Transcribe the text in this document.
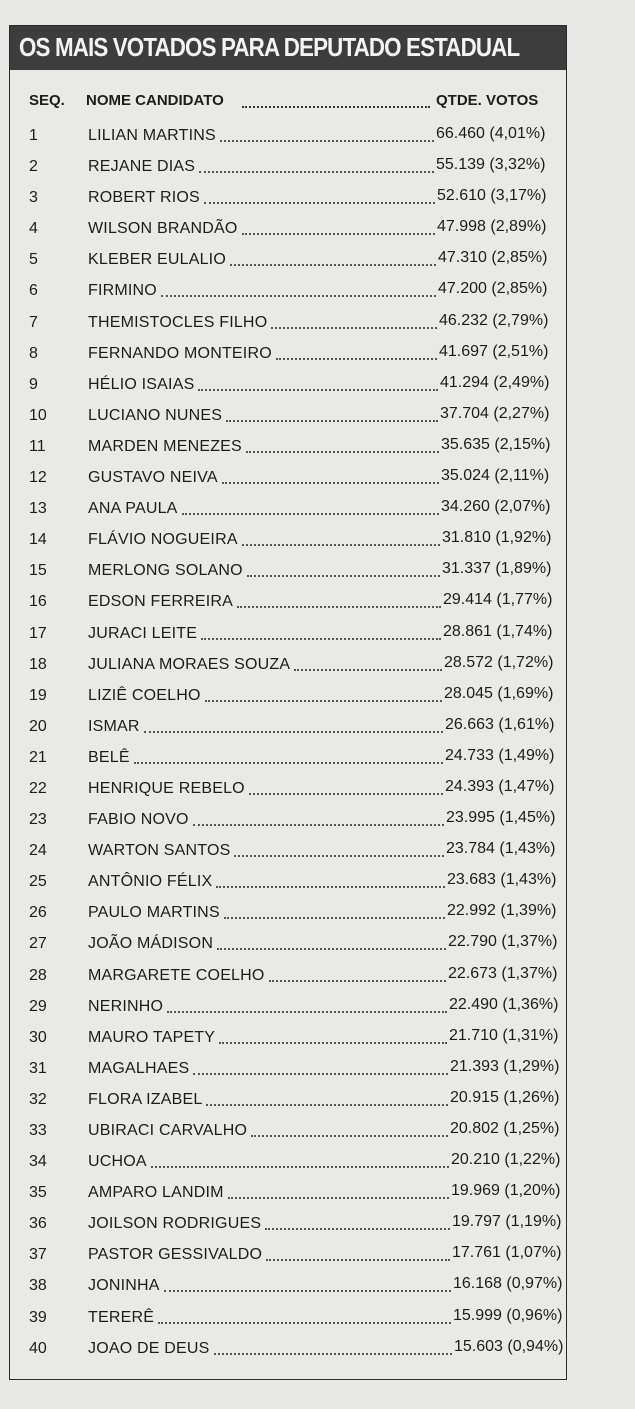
OS MAIS VOTADOS PARA DEPUTADO ESTADUAL
SEQ. NOME CANDIDATO	QTDE. VOTOS
1	LILIAN MARTINS	66.460 (4,01%)
2	REJANE DIAS	55.139 (3,32%)
3	ROBERT RIOS	52.610 (3,17%)
4	WILSON BRANDÃO	47.998 (2,89%)
5	KLEBER EULALIO	47.310 (2,85%)
6	FIRMINO	47.200 (2,85%)
7	THEMISTOCLES FILHO	46.232 (2,79%)
8	FERNANDO MONTEIRO	41.697 (2,51%)
9	HÉLIO ISAIAS	41.294 (2,49%)
10	LUCIANO NUNES	37.704 (2,27%)
11	MARDEN MENEZES	35.635 (2,15%)
12	GUSTAVO NEIVA	35.024 (2,11%)
13	ANA PAULA	34.260 (2,07%)
14	FLÁVIO NOGUEIRA	31.810 (1,92%)
15	MERLONG SOLANO	31.337 (1,89%)
16	EDSON FERREIRA	29.414 (1,77%)
17	JURACI LEITE	28.861 (1,74%)
18	JULIANA MORAES SOUZA	28.572 (1,72%)
19	LIZIÊ COELHO	28.045 (1,69%)
20	ISMAR	26.663 (1,61%)
21	BELÊ	24.733 (1,49%)
22	HENRIQUE REBELO	24.393 (1,47%)
23	FABIO NOVO	23.995 (1,45%)
24	WARTON SANTOS	23.784 (1,43%)
25	ANTÔNIO FÉLIX	23.683 (1,43%)
26	PAULO MARTINS	22.992 (1,39%)
27	JOÃO MÁDISON	22.790 (1,37%)
28	MARGARETE COELHO	22.673 (1,37%)
29	NERINHO	22.490 (1,36%)
30	MAURO TAPETY	21.710 (1,31%)
31	MAGALHAES	21.393 (1,29%)
32	FLORA IZABEL	20.915 (1,26%)
33	UBIRACI CARVALHO	20.802 (1,25%)
34	UCHOA	20.210 (1,22%)
35	AMPARO LANDIM	19.969 (1,20%)
36	JOILSON RODRIGUES	19.797 (1,19%)
37	PASTOR GESSIVALDO	17.761 (1,07%)
38	JONINHA	16.168 (0,97%)
39	TERERÊ	15.999 (0,96%)
40	JOAO DE DEUS	15.603 (0,94%)
